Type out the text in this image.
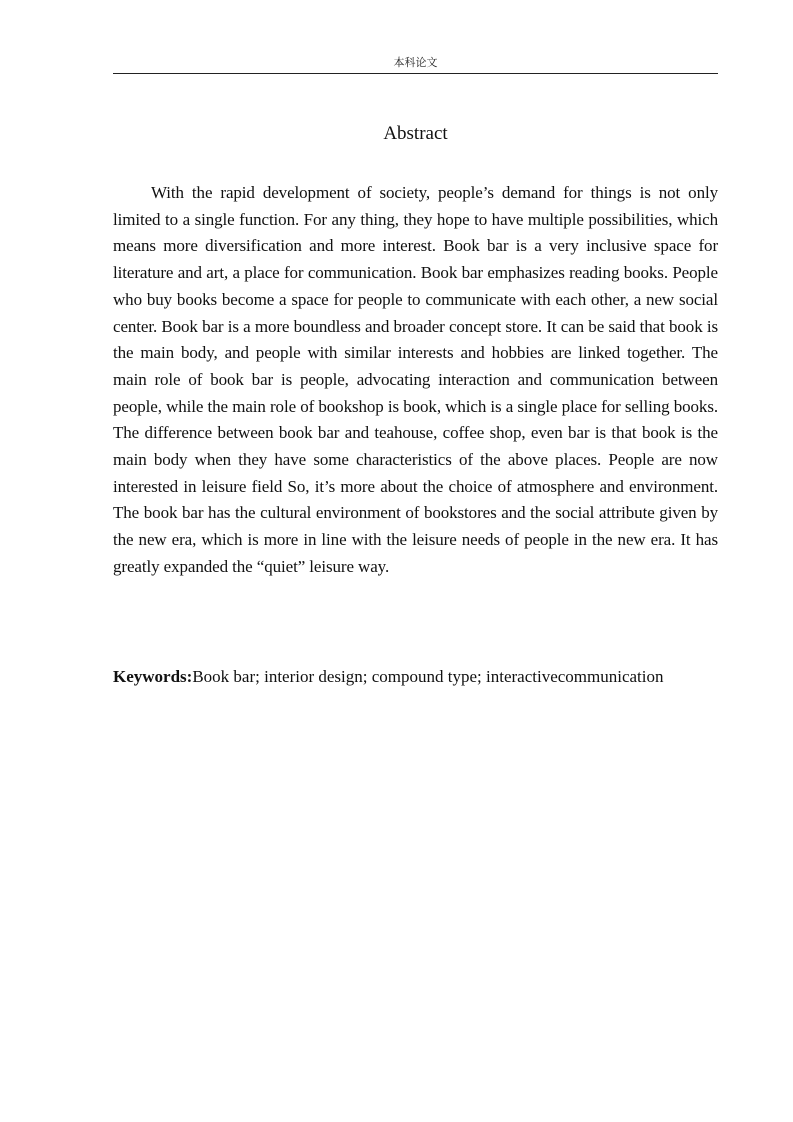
本科论文
Abstract

With the rapid development of society, people’s demand for things is not only limited to a single function. For any thing, they hope to have multiple possibilities, which means more diversification and more interest. Book bar is a very inclusive space for literature and art, a place for communication. Book bar emphasizes reading books. People who buy books become a space for people to communicate with each other, a new social center. Book bar is a more boundless and broader concept store. It can be said that book is the main body, and people with similar interests and hobbies are linked together. The main role of book bar is people, advocating interaction and communication between people, while the main role of bookshop is book, which is a single place for selling books. The difference between book bar and teahouse, coffee shop, even bar is that book is the main body when they have some characteristics of the above places. People are now interested in leisure field So, it’s more about the choice of atmosphere and environment. The book bar has the cultural environment of bookstores and the social attribute given by the new era, which is more in line with the leisure needs of people in the new era. It has greatly expanded the “quiet” leisure way.

Keywords:Book bar; interior design; compound type; interactivecommunication
